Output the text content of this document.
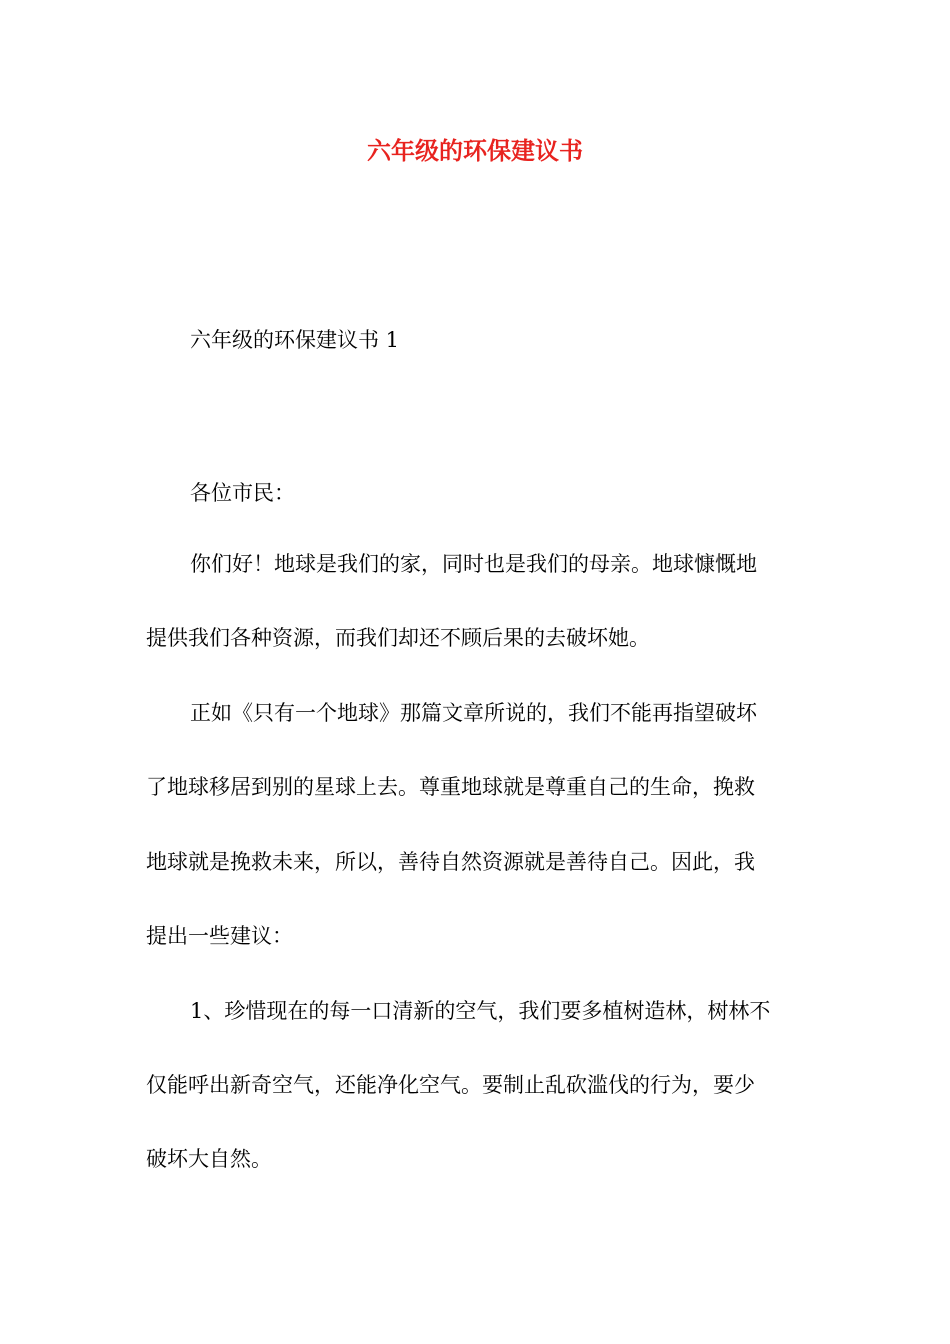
六年级的环保建议书

六年级的环保建议书 1

各位市民：

你们好！地球是我们的家，同时也是我们的母亲。地球慷慨地

提供我们各种资源，而我们却还不顾后果的去破坏她。

正如《只有一个地球》那篇文章所说的，我们不能再指望破坏

了地球移居到别的星球上去。尊重地球就是尊重自己的生命，挽救

地球就是挽救未来，所以，善待自然资源就是善待自己。因此，我

提出一些建议：

1、珍惜现在的每一口清新的空气，我们要多植树造林，树林不

仅能呼出新奇空气，还能净化空气。要制止乱砍滥伐的行为，要少

破坏大自然。
